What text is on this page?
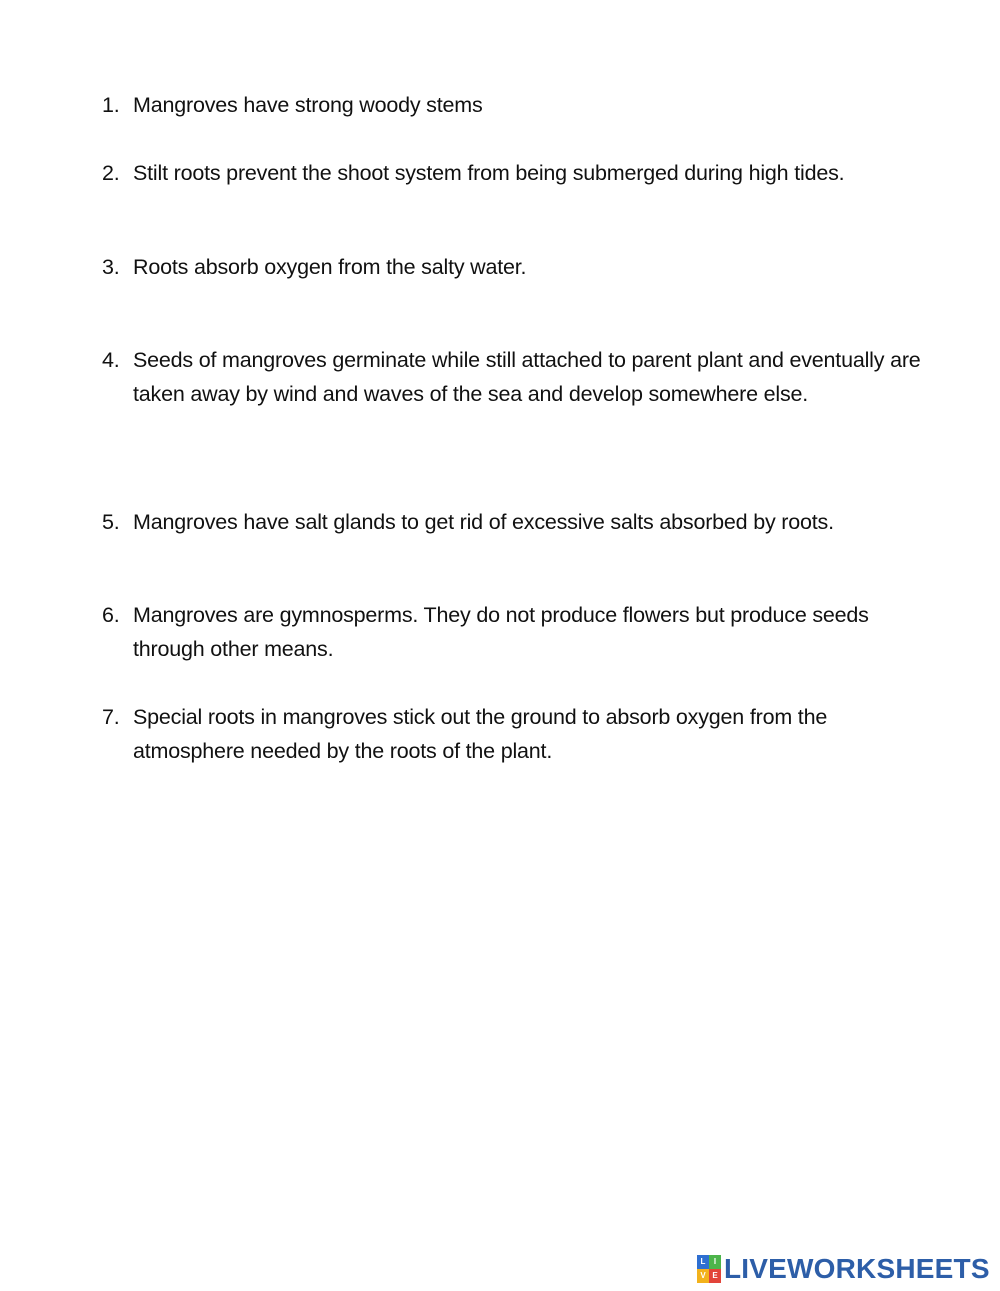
1. Mangroves have strong woody stems
2. Stilt roots prevent the shoot system from being submerged during high tides.
3. Roots absorb oxygen from the salty water.
4. Seeds of mangroves germinate while still attached to parent plant and eventually are taken away by wind and waves of the sea and develop somewhere else.
5. Mangroves have salt glands to get rid of excessive salts absorbed by roots.
6. Mangroves are gymnosperms. They do not produce flowers but produce seeds through other means.
7. Special roots in mangroves stick out the ground to absorb oxygen from the atmosphere needed by the roots of the plant.
L	I
V E LIVEWORKSHEETS
